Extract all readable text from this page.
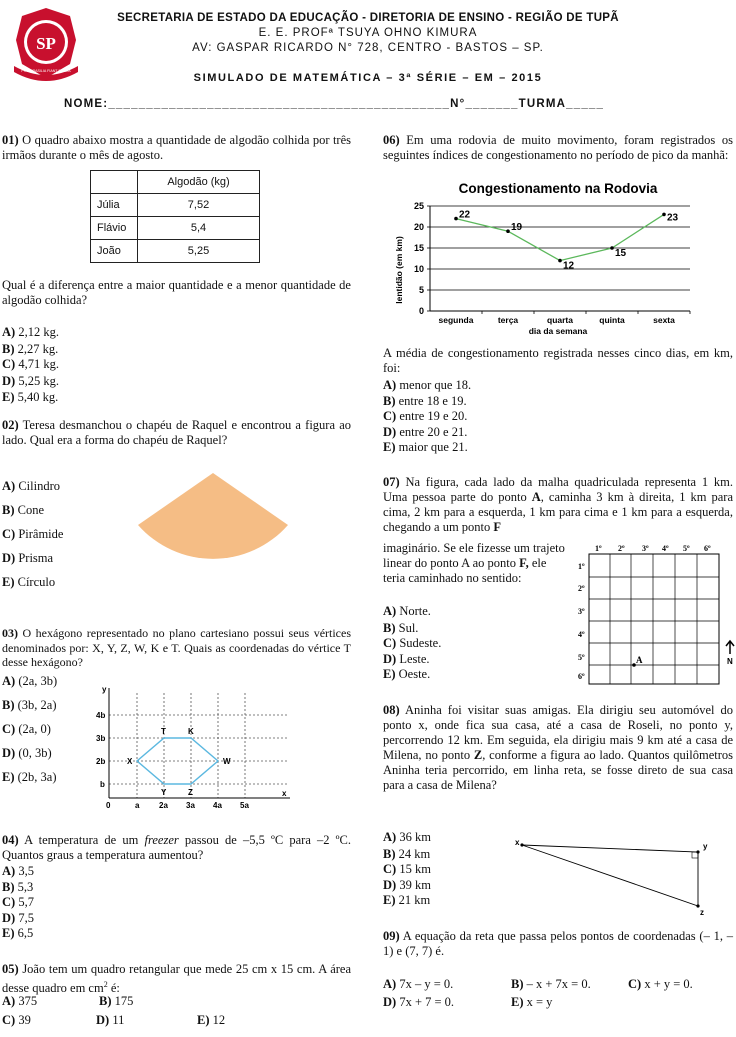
SP
PRO BRASILIA FIANT EXIMIA
SECRETARIA DE ESTADO DA EDUCAÇÃO - DIRETORIA DE ENSINO - REGIÃO DE TUPÃ
E. E. PROFª TSUYA OHNO KIMURA
AV: GASPAR RICARDO N° 728, CENTRO - BASTOS – SP.
SIMULADO DE MATEMÁTICA – 3ª SÉRIE – EM – 2015
NOME:_____________________________________________N°_______TURMA_____

01) O quadro abaixo mostra a quantidade de algodão colhida por três irmãos durante o mês de agosto.

	Algodão (kg)
Júlia	7,52
Flávio	5,4
João	5,25

Qual é a diferença entre a maior quantidade e a menor quantidade de algodão colhida?

A) 2,12 kg.

B) 2,27 kg.

C) 4,71 kg.

D) 5,25 kg.

E) 5,40 kg.

02) Teresa desmanchou o chapéu de Raquel e encontrou a figura ao lado. Qual era a forma do chapéu de Raquel?

A) Cilindro

B) Cone

C) Pirâmide

D) Prisma

E) Círculo

03) O hexágono representado no plano cartesiano possui seus vértices denominados por: X, Y, Z, W, K e T. Quais as coordenadas do vértice T desse hexágono?

A) (2a, 3b)

B) (3b, 2a)

C) (2a, 0)

D) (0, 3b)

E) (2b, 3a)

y
x
0
4b
3b
2b
b
a 2a 3a 4a 5a
T	K
X	W
Y	Z

04) A temperatura de um freezer passou de –5,5 ºC para –2 ºC. Quantos graus a temperatura aumentou?

A) 3,5

B) 5,3

C) 5,7

D) 7,5

E) 6,5

05) João tem um quadro retangular que mede 25 cm x 15 cm. A área desse quadro em $cm^2$ é:

A) 375	B) 175
C) 39	D) 11	E) 12

06) Em uma rodovia de muito movimento, foram registrados os seguintes índices de congestionamento no período de pico da manhã:

Congestionamento na Rodovia
lentidão (em km)
dia da semana
0
5
10
15
20
25
segunda	terça	quarta	quinta	sexta
22
19
12
15
23

A média de congestionamento registrada nesses cinco dias, em km, foi:

A) menor que 18.

B) entre 18 e 19.

C) entre 19 e 20.

D) entre 20 e 21.

E) maior que 21.

07) Na figura, cada lado da malha quadriculada representa 1 km. Uma pessoa parte do ponto A, caminha 3 km à direita, 1 km para cima, 2 km para a esquerda, 1 km para cima e 1 km para a esquerda, chegando a um ponto F

imaginário. Se ele fizesse um trajeto linear do ponto A ao ponto F, ele teria caminhado no sentido:

A) Norte.

B) Sul.

C) Sudeste.

D) Leste.

E) Oeste.

1º 2º 3º 4º 5º 6º
1º
2º
3º
4º
5º
6º
A	N

08) Aninha foi visitar suas amigas. Ela dirigiu seu automóvel do ponto x, onde fica sua casa, até a casa de Roseli, no ponto y, percorrendo 12 km. Em seguida, ela dirigiu mais 9 km até a casa de Milena, no ponto Z, conforme a figura ao lado. Quantos quilômetros Aninha teria percorrido, em linha reta, se fosse direto de sua casa para a casa de Milena?

A) 36 km

B) 24 km

C) 15 km

D) 39 km

E) 21 km

x	y
z

09) A equação da reta que passa pelos pontos de coordenadas (– 1, – 1) e (7, 7) é.

A) 7x – y = 0.	B) – x + 7x = 0.	C) x + y = 0.
D) 7x + 7 = 0.	E) x = y
